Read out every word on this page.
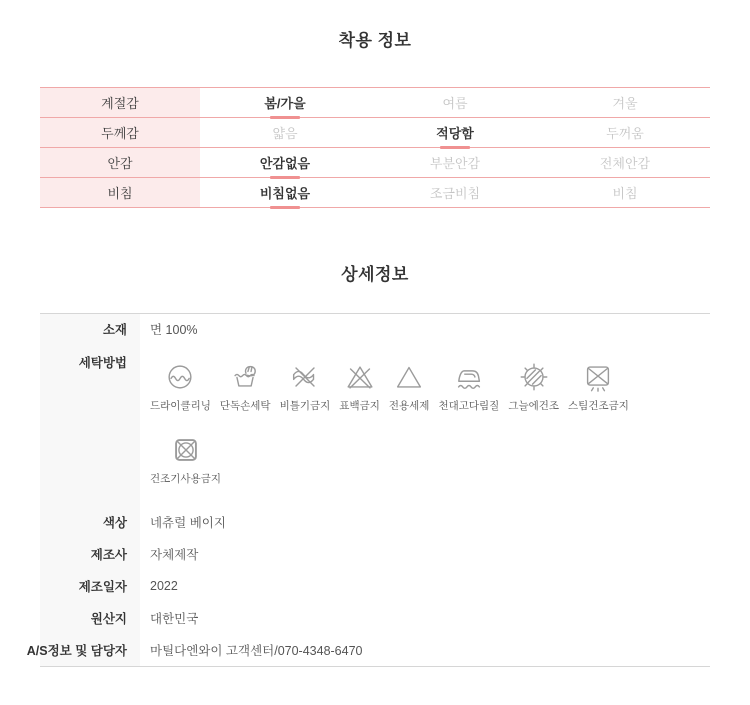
착용 정보
계절감	봄/가을	여름	겨울
두께감	얇음	적당함	두꺼움
안감	안감없음	부분안감	전체안감
비침	비침없음	조금비침	비침
상세정보
소재	면 100%
세탁방법
드라이클리닝 단독손세탁 비틀기금지 표백금지 전용세제 천대고다림질 그늘에건조 스팀건조금지
건조기사용금지
색상	네츄럴 베이지
제조사	자체제작
제조일자	2022
원산지	대한민국
A/S정보 및 담당자	마틸다엔와이 고객센터/070-4348-6470
